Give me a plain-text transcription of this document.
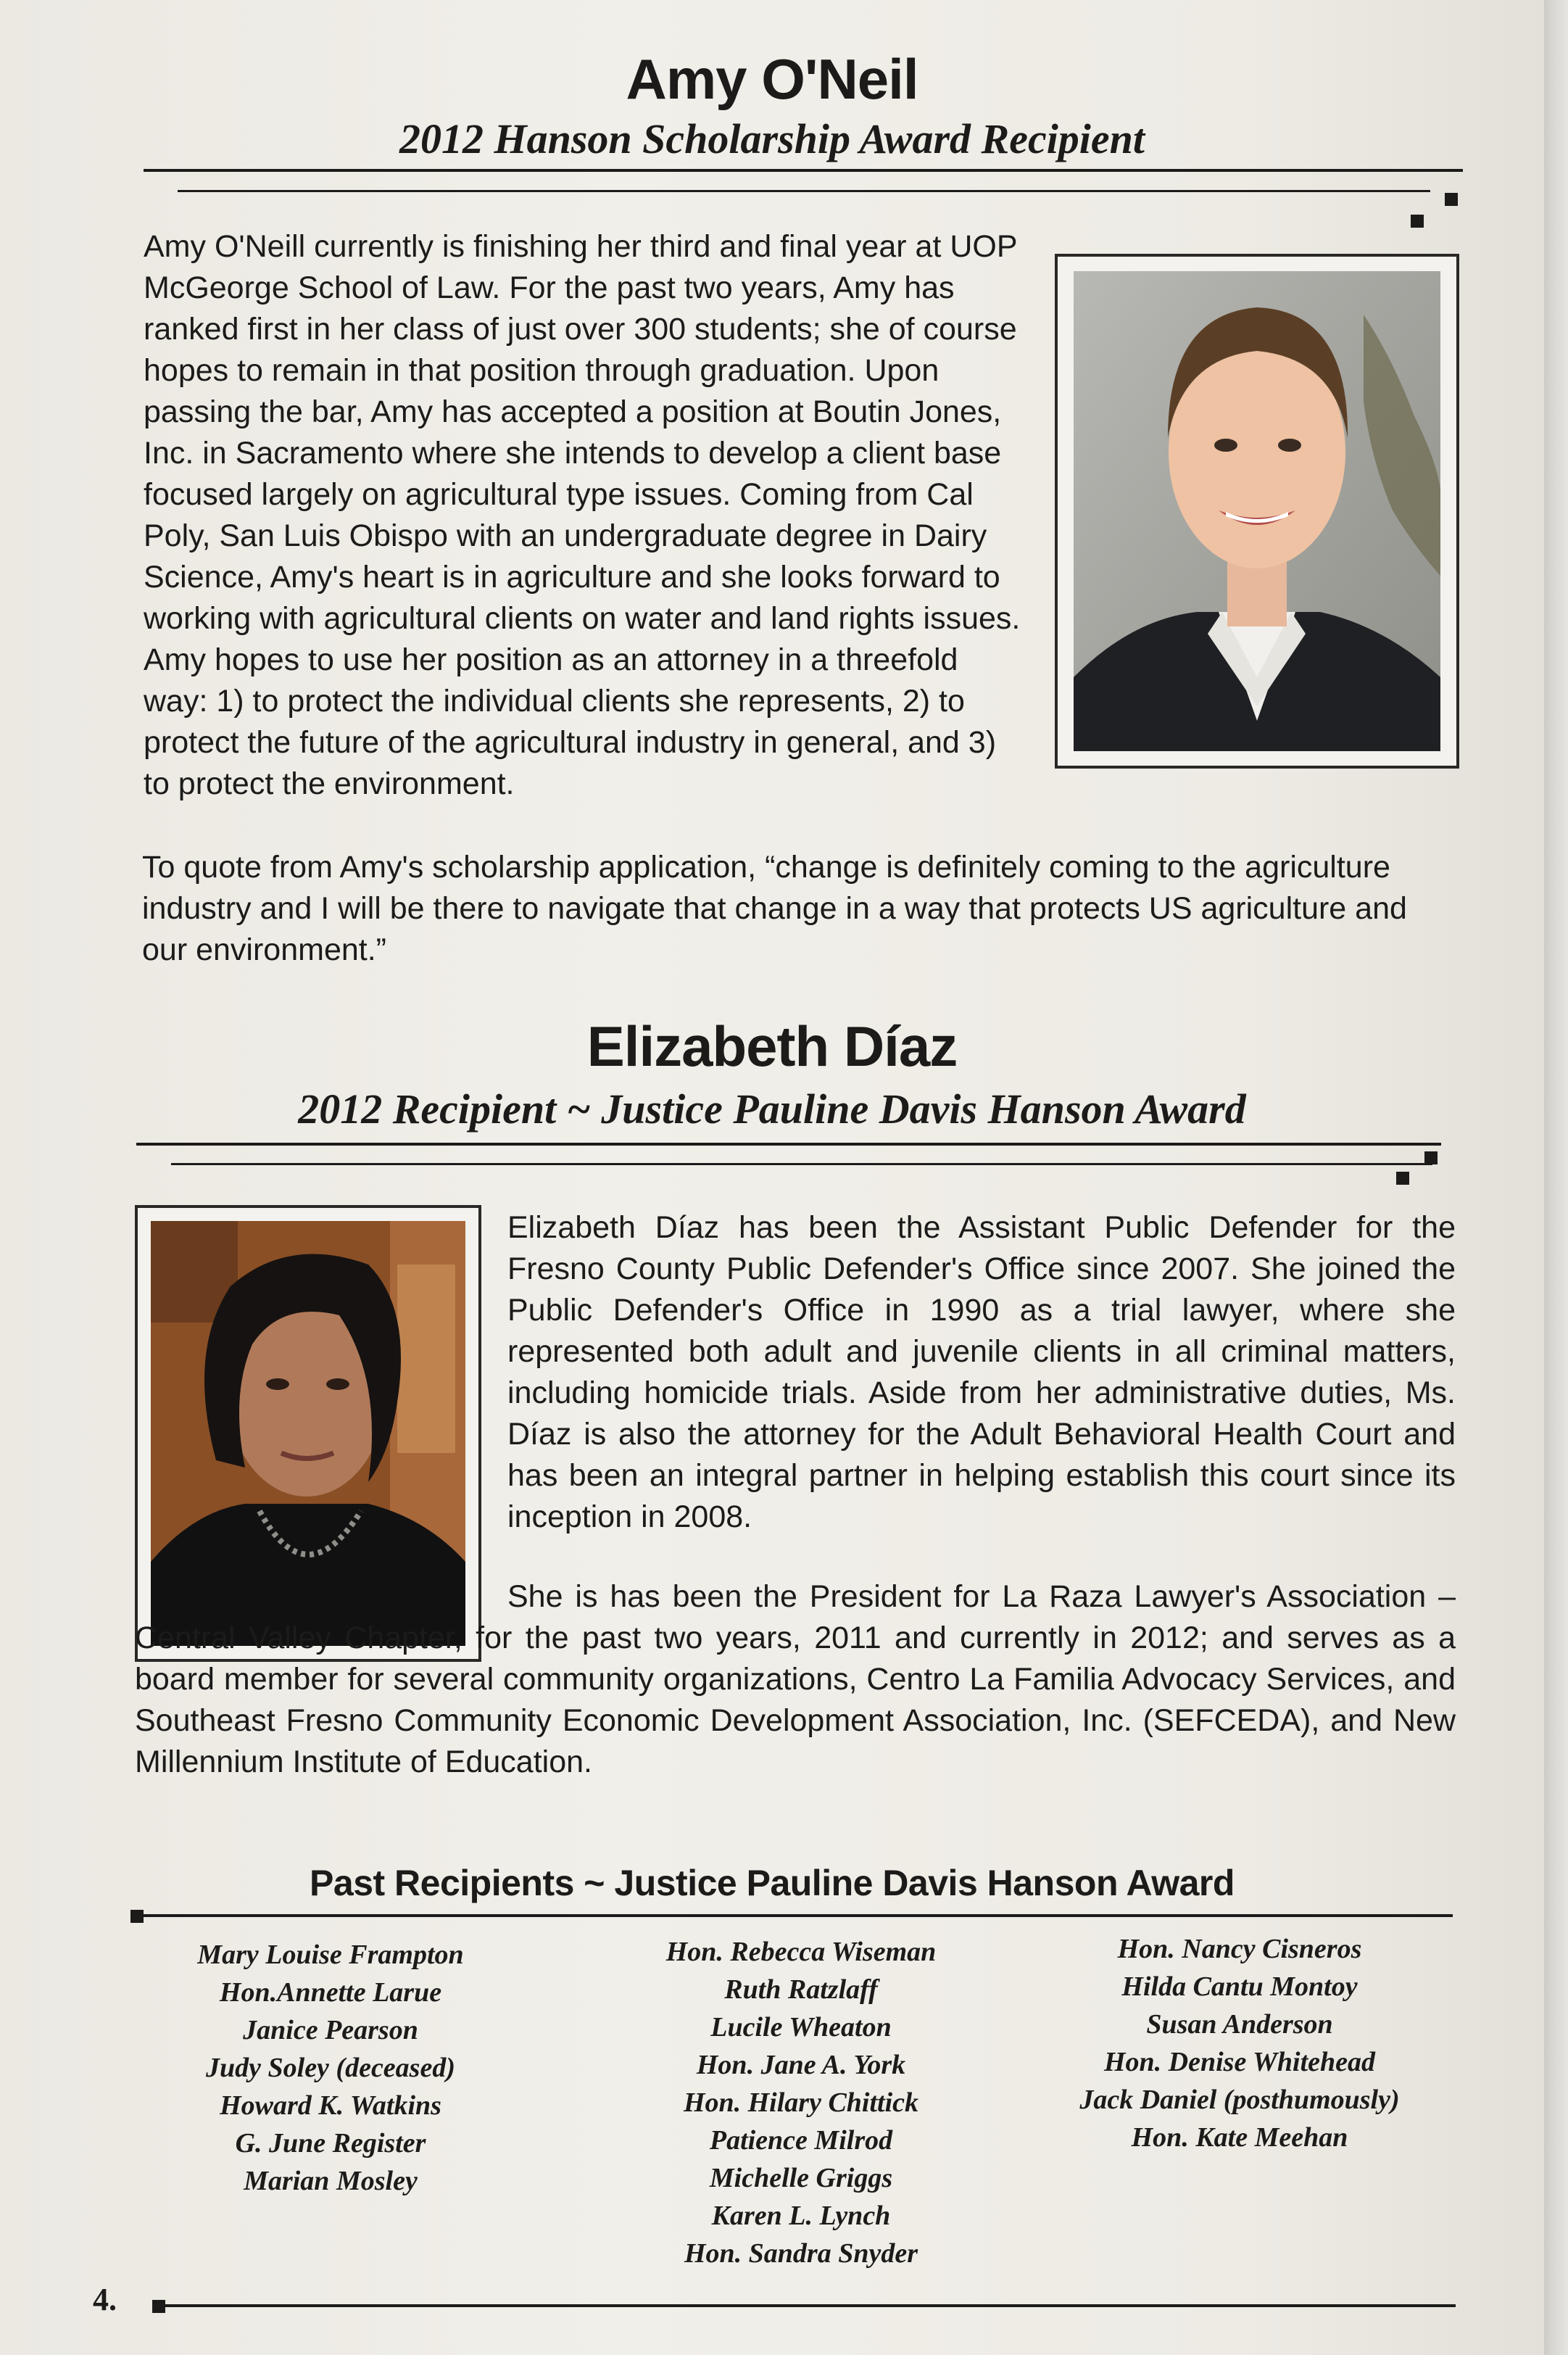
Amy O'Neil
2012 Hanson Scholarship Award Recipient

Amy O'Neill currently is finishing her third and final year at UOP McGeorge School of Law. For the past two years, Amy has ranked first in her class of just over 300 students; she of course hopes to remain in that position through graduation. Upon passing the bar, Amy has accepted a position at Boutin Jones, Inc. in Sacramento where she intends to develop a client base focused largely on agricultural type issues. Coming from Cal Poly, San Luis Obispo with an undergraduate degree in Dairy Science, Amy's heart is in agriculture and she looks forward to working with agricultural clients on water and land rights issues. Amy hopes to use her position as an attorney in a threefold way: 1) to protect the individual clients she represents, 2) to protect the future of the agricultural industry in general, and 3) to protect the environment.

To quote from Amy's scholarship application, “change is definitely coming to the agriculture industry and I will be there to navigate that change in a way that protects US agriculture and our environment.”

Elizabeth Díaz
2012 Recipient ~ Justice Pauline Davis Hanson Award

Elizabeth Díaz has been the Assistant Public Defender for the Fresno County Public Defender's Office since 2007. She joined the Public Defender's Office in 1990 as a trial lawyer, where she represented both adult and juvenile clients in all criminal matters, including homicide trials. Aside from her administrative duties, Ms. Díaz is also the attorney for the Adult Behavioral Health Court and has been an integral partner in helping establish this court since its inception in 2008.

She is has been the President for La Raza Lawyer's Association – Central Valley Chapter, for the past two years, 2011 and currently in 2012; and serves as a board member for several community organizations, Centro La Familia Advocacy Services, and Southeast Fresno Community Economic Development Association, Inc. (SEFCEDA), and New Millennium Institute of Education.

Past Recipients ~ Justice Pauline Davis Hanson Award
Mary Louise Frampton
Hon.Annette Larue
Janice Pearson
Judy Soley (deceased)
Howard K. Watkins
G. June Register
Marian Mosley
Hon. Rebecca Wiseman
Ruth Ratzlaff
Lucile Wheaton
Hon. Jane A. York
Hon. Hilary Chittick
Patience Milrod
Michelle Griggs
Karen L. Lynch
Hon. Sandra Snyder
Hon. Nancy Cisneros
Hilda Cantu Montoy
Susan Anderson
Hon. Denise Whitehead
Jack Daniel (posthumously)
Hon. Kate Meehan
4.
